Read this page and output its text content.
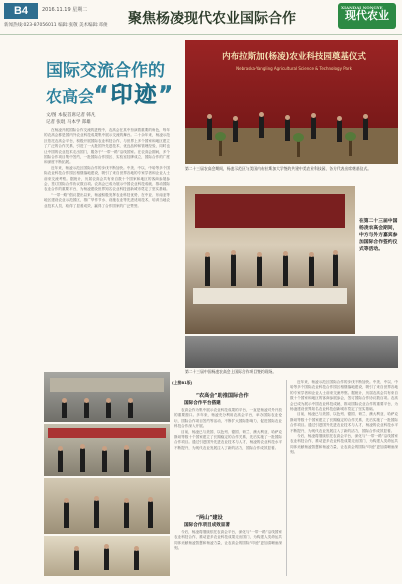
B4	2016.11.19 星期二
新闻热线:023-87056011 编辑:张敬 美术编辑:邓俊 聚焦杨凌现代农业国际合作
XIANDAI NONGYE
现代农业
国际交流合作的
农高会“印迹”
文/图 本报首席记者 韩凡
记者 张琨 马本学 郑雄

在杨凌开展国际合作交流的进程中，农高会在其中扮演着重要的角色，每年的农高会都是国内外农业科技成果集中展示交流的舞台。二十余年来，杨凌示范区依托农高会平台，积极开展国际农业科技合作，与世界上多个国家和地区建立了广泛的合作关系，引进了一大批国外先进技术、优良品种和管理经验，同时也让中国的农业技术走出国门，服务于“一带一路”沿线国家。在农高会期间，多个国际合作项目集中签约，一批国际合作园区、实验室挂牌成立，国际合作的广度和深度不断拓展。

近年来，杨凌示范区国际合作的步伐不断加快。中美、中以、中哈等多个国际农业科技合作园区相继落地建设，吸引了来自世界各地的专家学者和企业人士前来交流考察。据统计，历届农高会共有来自数十个国家和地区的客商参展参会，签订国际合作协议数百项。农高会已成为展示中国农业科技成就、推动国际农业合作的重要平台，为杨凌建设世界知名农业科技创新城市奠定了坚实基础。

“一带一路”倡议提出以来，杨凌积极发挥农业科技优势，在中亚、东南亚等地区建设农业示范园区，推广旱作节水、设施农业等先进适用技术，培训当地农业技术人员，取得了显著成效，赢得了合作国家的广泛赞誉。

内布拉斯加(杨凌)农业科技园奠基仪式
Nebraska-Yangling Agricultural Science & Technology Park
第二十三届农高会期间，杨凌示范区与美国内布拉斯加大学签约共建中美农业科技园，各方代表出席奠基仪式。
在第二十三届中国杨凌农高会期间，中方与外方嘉宾参加国际合作签约仪式等活动。
第二十三届中国杨凌农高会上国际合作项目签约现场。
(上接B1版)
“农高会”助推国际合作
国际合作平台搭建

农高会作为集中展示农业科技成果的平台，一直是杨凌对外开放的重要窗口。多年来，杨凌充分利用农高会平台，举办国际农业论坛、国际合作项目签约等活动，不断扩大国际影响力，促进国际农业科技合作深入开展。

目前，杨凌已与美国、以色列、德国、荷兰、澳大利亚、哈萨克斯坦等数十个国家建立了长期稳定的合作关系，先后实施了一批国际合作项目。通过引进国外先进农业技术与人才，杨凌的农业科技水平不断提升，为现代农业发展注入了新的活力，国际合作成效显著。

“两山”建设
国际合作项目成效显著

今后，杨凌将继续依托农高会平台，深化与“一带一路”沿线国家农业科技合作，推动更多农业科技成果走出国门，为构建人类命运共同体贡献杨凌智慧和杨凌力量，让农高会的国际“印迹”更加清晰而深刻。

近年来，杨凌示范区国际合作的步伐不断加快。中美、中以、中哈等多个国际农业科技合作园区相继落地建设，吸引了来自世界各地的专家学者和企业人士前来交流考察。据统计，历届农高会共有来自数十个国家和地区的客商参展参会，签订国际合作协议数百项。农高会已成为展示中国农业科技成就、推动国际农业合作的重要平台，为杨凌建设世界知名农业科技创新城市奠定了坚实基础。

目前，杨凌已与美国、以色列、德国、荷兰、澳大利亚、哈萨克斯坦等数十个国家建立了长期稳定的合作关系，先后实施了一批国际合作项目。通过引进国外先进农业技术与人才，杨凌的农业科技水平不断提升，为现代农业发展注入了新的活力，国际合作成效显著。

今后，杨凌将继续依托农高会平台，深化与“一带一路”沿线国家农业科技合作，推动更多农业科技成果走出国门，为构建人类命运共同体贡献杨凌智慧和杨凌力量，让农高会的国际“印迹”更加清晰而深刻。
